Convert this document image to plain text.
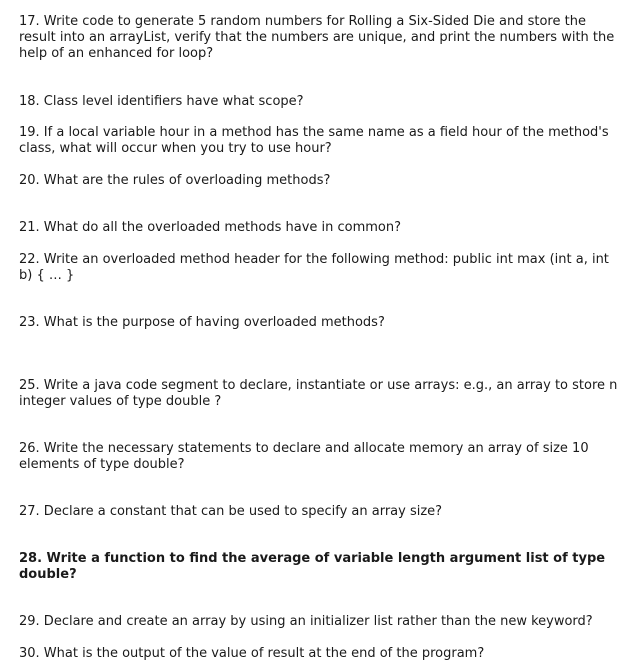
17. Write code to generate 5 random numbers for Rolling a Six-Sided Die and store the result into an arrayList, verify that the numbers are unique, and print the numbers with the help of an enhanced for loop?

18. Class level identifiers have what scope?

19. If a local variable hour in a method has the same name as a field hour of the method's class, what will occur when you try to use hour?

20. What are the rules of overloading methods?

21. What do all the overloaded methods have in common?

22. Write an overloaded method header for the following method: public int max (int a, int b) { … }

23. What is the purpose of having overloaded methods?

25. Write a java code segment to declare, instantiate or use arrays: e.g., an array to store n integer values of type double ?

26. Write the necessary statements to declare and allocate memory an array of size 10 elements of type double?

27. Declare a constant that can be used to specify an array size?

28. Write a function to find the average of variable length argument list of type double?

29. Declare and create an array by using an initializer list rather than the new keyword?

30. What is the output of the value of result at the end of the program?
